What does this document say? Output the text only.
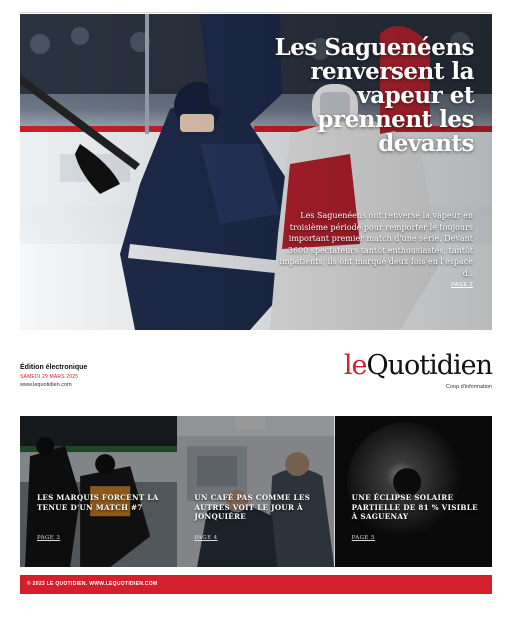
Les Saguenéens renversent la vapeur et prennent les devants
Les Saguenéens ont renversé la vapeur en troisième période pour remporter le toujours important premier match d'une série. Devant 3600 spectateurs tantôt enthousiastes, tantôt impatients, ils ont marqué deux fois en l'espace d..
PAGE 2
Édition électronique
SAMEDI 29 MARS 2025
www.lequotidien.com
leQuotidien
Coop d'information
LES MARQUIS FORCENT LA TENUE D'UN MATCH #7
PAGE 3
UN CAFÉ PAS COMME LES AUTRES VOIT LE JOUR À JONQUIÈRE
PAGE 4
UNE ÉCLIPSE SOLAIRE PARTIELLE DE 81 % VISIBLE À SAGUENAY
PAGE 5
© 2023 LE QUOTIDIEN. WWW.LEQUOTIDIEN.COM
